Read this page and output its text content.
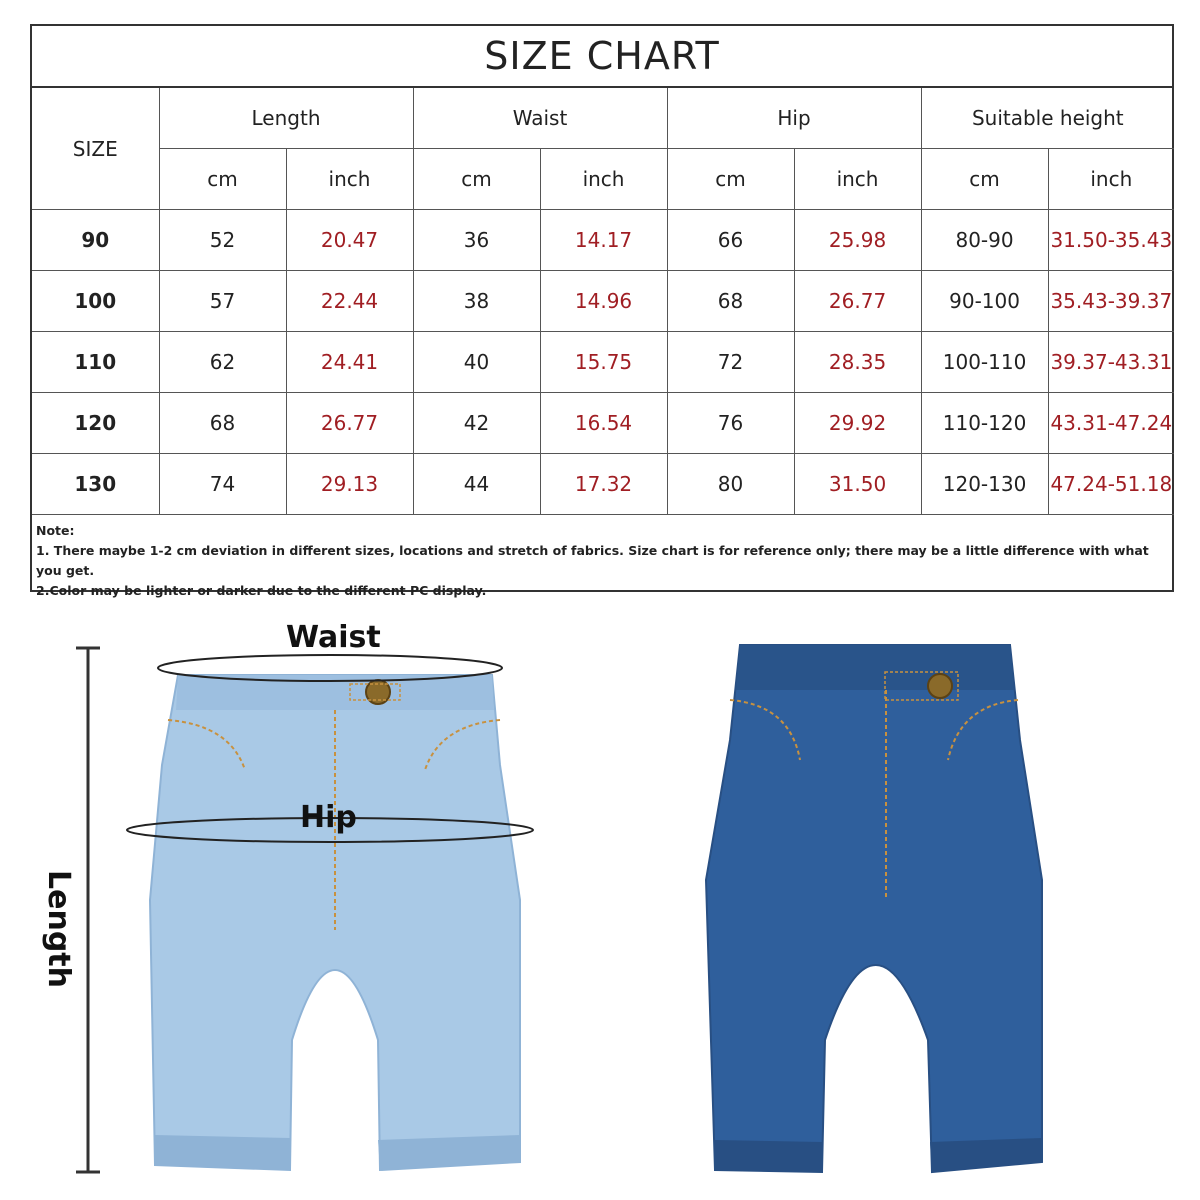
SIZE CHART
SIZE	Length		Waist		Hip		Suitable height	
	cm	inch	cm	inch	cm	inch	cm	inch
90	52	20.47	36	14.17	66	25.98	80-90	31.50-35.43
100	57	22.44	38	14.96	68	26.77	90-100	35.43-39.37
110	62	24.41	40	15.75	72	28.35	100-110	39.37-43.31
120	68	26.77	42	16.54	76	29.92	110-120	43.31-47.24
130	74	29.13	44	17.32	80	31.50	120-130	47.24-51.18

Note:
1. There maybe 1-2 cm deviation in different sizes, locations and stretch of fabrics. Size chart is for reference only; there may be a little difference with what you get.
2.Color may be lighter or darker due to the different PC display.								
Waist
Hip
Length
